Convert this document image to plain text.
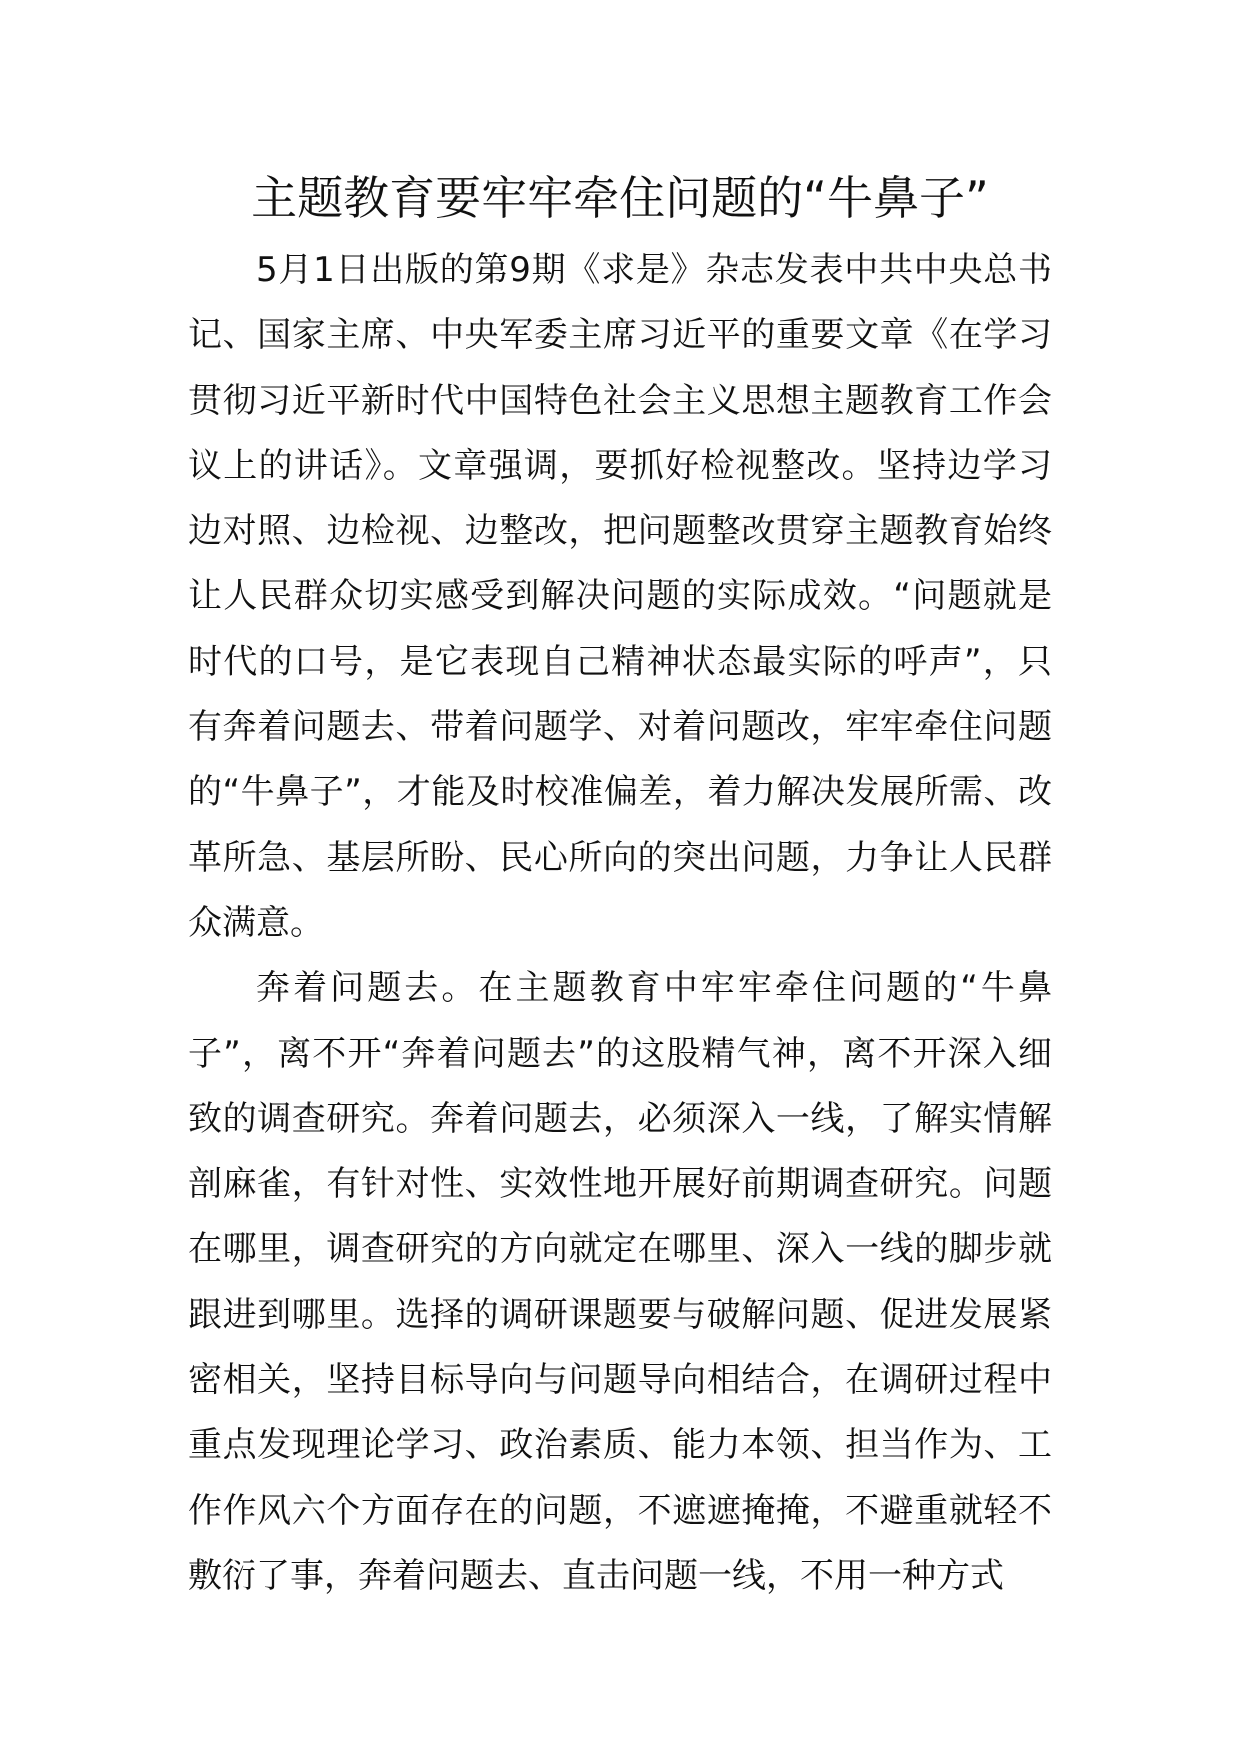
主题教育要牢牢牵住问题的“牛鼻子”

5月1日出版的第9期《求是》杂志发表中共中央总书记、国家主席、中央军委主席习近平的重要文章《在学习贯彻习近平新时代中国特色社会主义思想主题教育工作会议上的讲话》。文章强调，要抓好检视整改。坚持边学习边对照、边检视、边整改，把问题整改贯穿主题教育始终让人民群众切实感受到解决问题的实际成效。“问题就是时代的口号，是它表现自己精神状态最实际的呼声”，只有奔着问题去、带着问题学、对着问题改，牢牢牵住问题的“牛鼻子”，才能及时校准偏差，着力解决发展所需、改革所急、基层所盼、民心所向的突出问题，力争让人民群众满意。

奔着问题去。在主题教育中牢牢牵住问题的“牛鼻子”，离不开“奔着问题去”的这股精气神，离不开深入细致的调查研究。奔着问题去，必须深入一线，了解实情解剖麻雀，有针对性、实效性地开展好前期调查研究。问题在哪里，调查研究的方向就定在哪里、深入一线的脚步就跟进到哪里。选择的调研课题要与破解问题、促进发展紧密相关，坚持目标导向与问题导向相结合，在调研过程中重点发现理论学习、政治素质、能力本领、担当作为、工作作风六个方面存在的问题，不遮遮掩掩，不避重就轻不敷衍了事，奔着问题去、直击问题一线，不用一种方式
